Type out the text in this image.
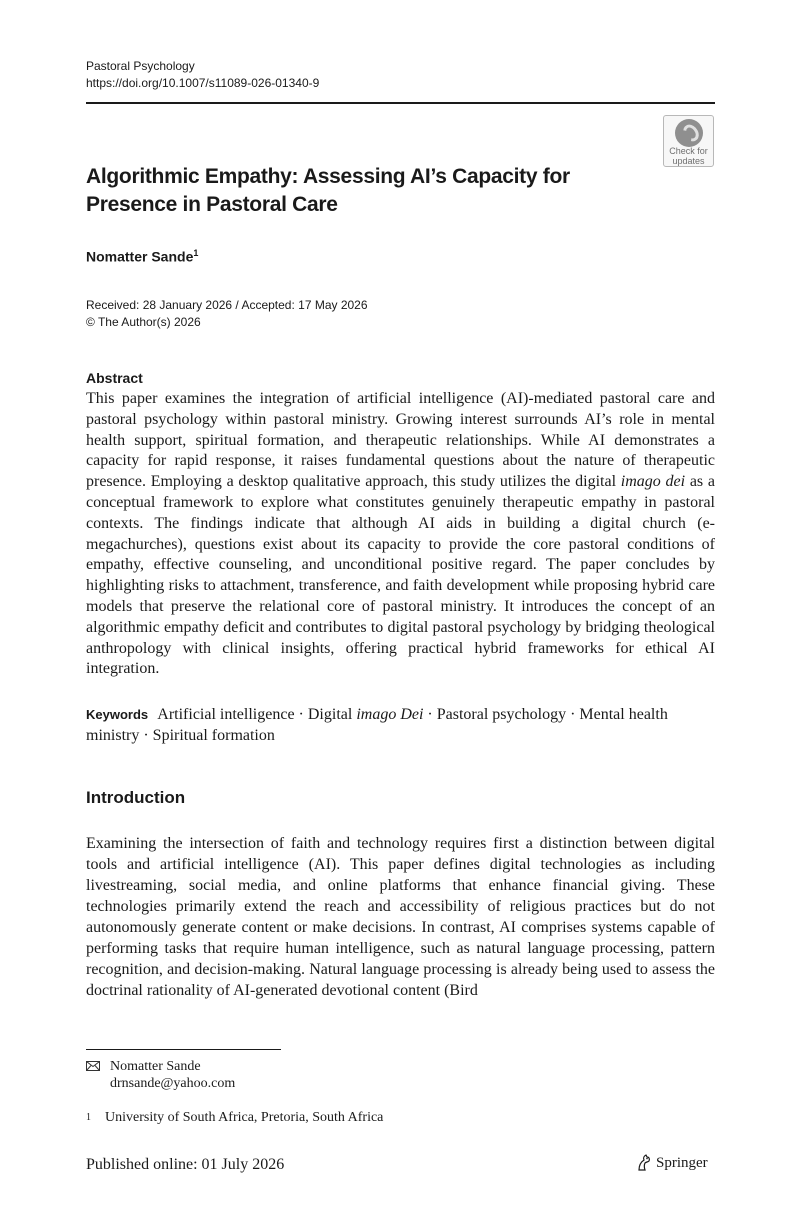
Pastoral Psychology
https://doi.org/10.1007/s11089-026-01340-9
Check for
updates
Algorithmic Empathy: Assessing AI’s Capacity for Presence in Pastoral Care
Nomatter Sande$^1$
Received: 28 January 2026 / Accepted: 17 May 2026
© The Author(s) 2026
Abstract

This paper examines the integration of artificial intelligence (AI)-mediated pastoral care and pastoral psychology within pastoral ministry. Growing interest surrounds AI’s role in mental health support, spiritual formation, and therapeutic relationships. While AI demonstrates a capacity for rapid response, it raises fundamental questions about the nature of therapeutic presence. Employing a desktop qualitative approach, this study utilizes the digital imago dei as a conceptual framework to explore what constitutes genuinely therapeutic empathy in pastoral contexts. The findings indicate that although AI aids in building a digital church (e-megachurches), questions exist about its capacity to provide the core pastoral conditions of empathy, effective counseling, and unconditional positive regard. The paper concludes by highlighting risks to attachment, transference, and faith development while proposing hybrid care models that preserve the relational core of pastoral ministry. It introduces the concept of an algorithmic empathy deficit and contributes to digital pastoral psychology by bridging theological anthropology with clinical insights, offering practical hybrid frameworks for ethical AI integration.

Keywords Artificial intelligence · Digital imago Dei · Pastoral psychology · Mental health ministry · Spiritual formation
Introduction

Examining the intersection of faith and technology requires first a distinction between digital tools and artificial intelligence (AI). This paper defines digital technologies as including livestreaming, social media, and online platforms that enhance financial giving. These technologies primarily extend the reach and accessibility of religious practices but do not autonomously generate content or make decisions. In contrast, AI comprises systems capable of performing tasks that require human intelligence, such as natural language processing, pattern recognition, and decision-making. Natural language processing is already being used to assess the doctrinal rationality of AI-generated devotional content (Bird

Nomatter Sande
drnsande@yahoo.com
$^1$ University of South Africa, Pretoria, South Africa
Published online: 01 July 2026	Springer
